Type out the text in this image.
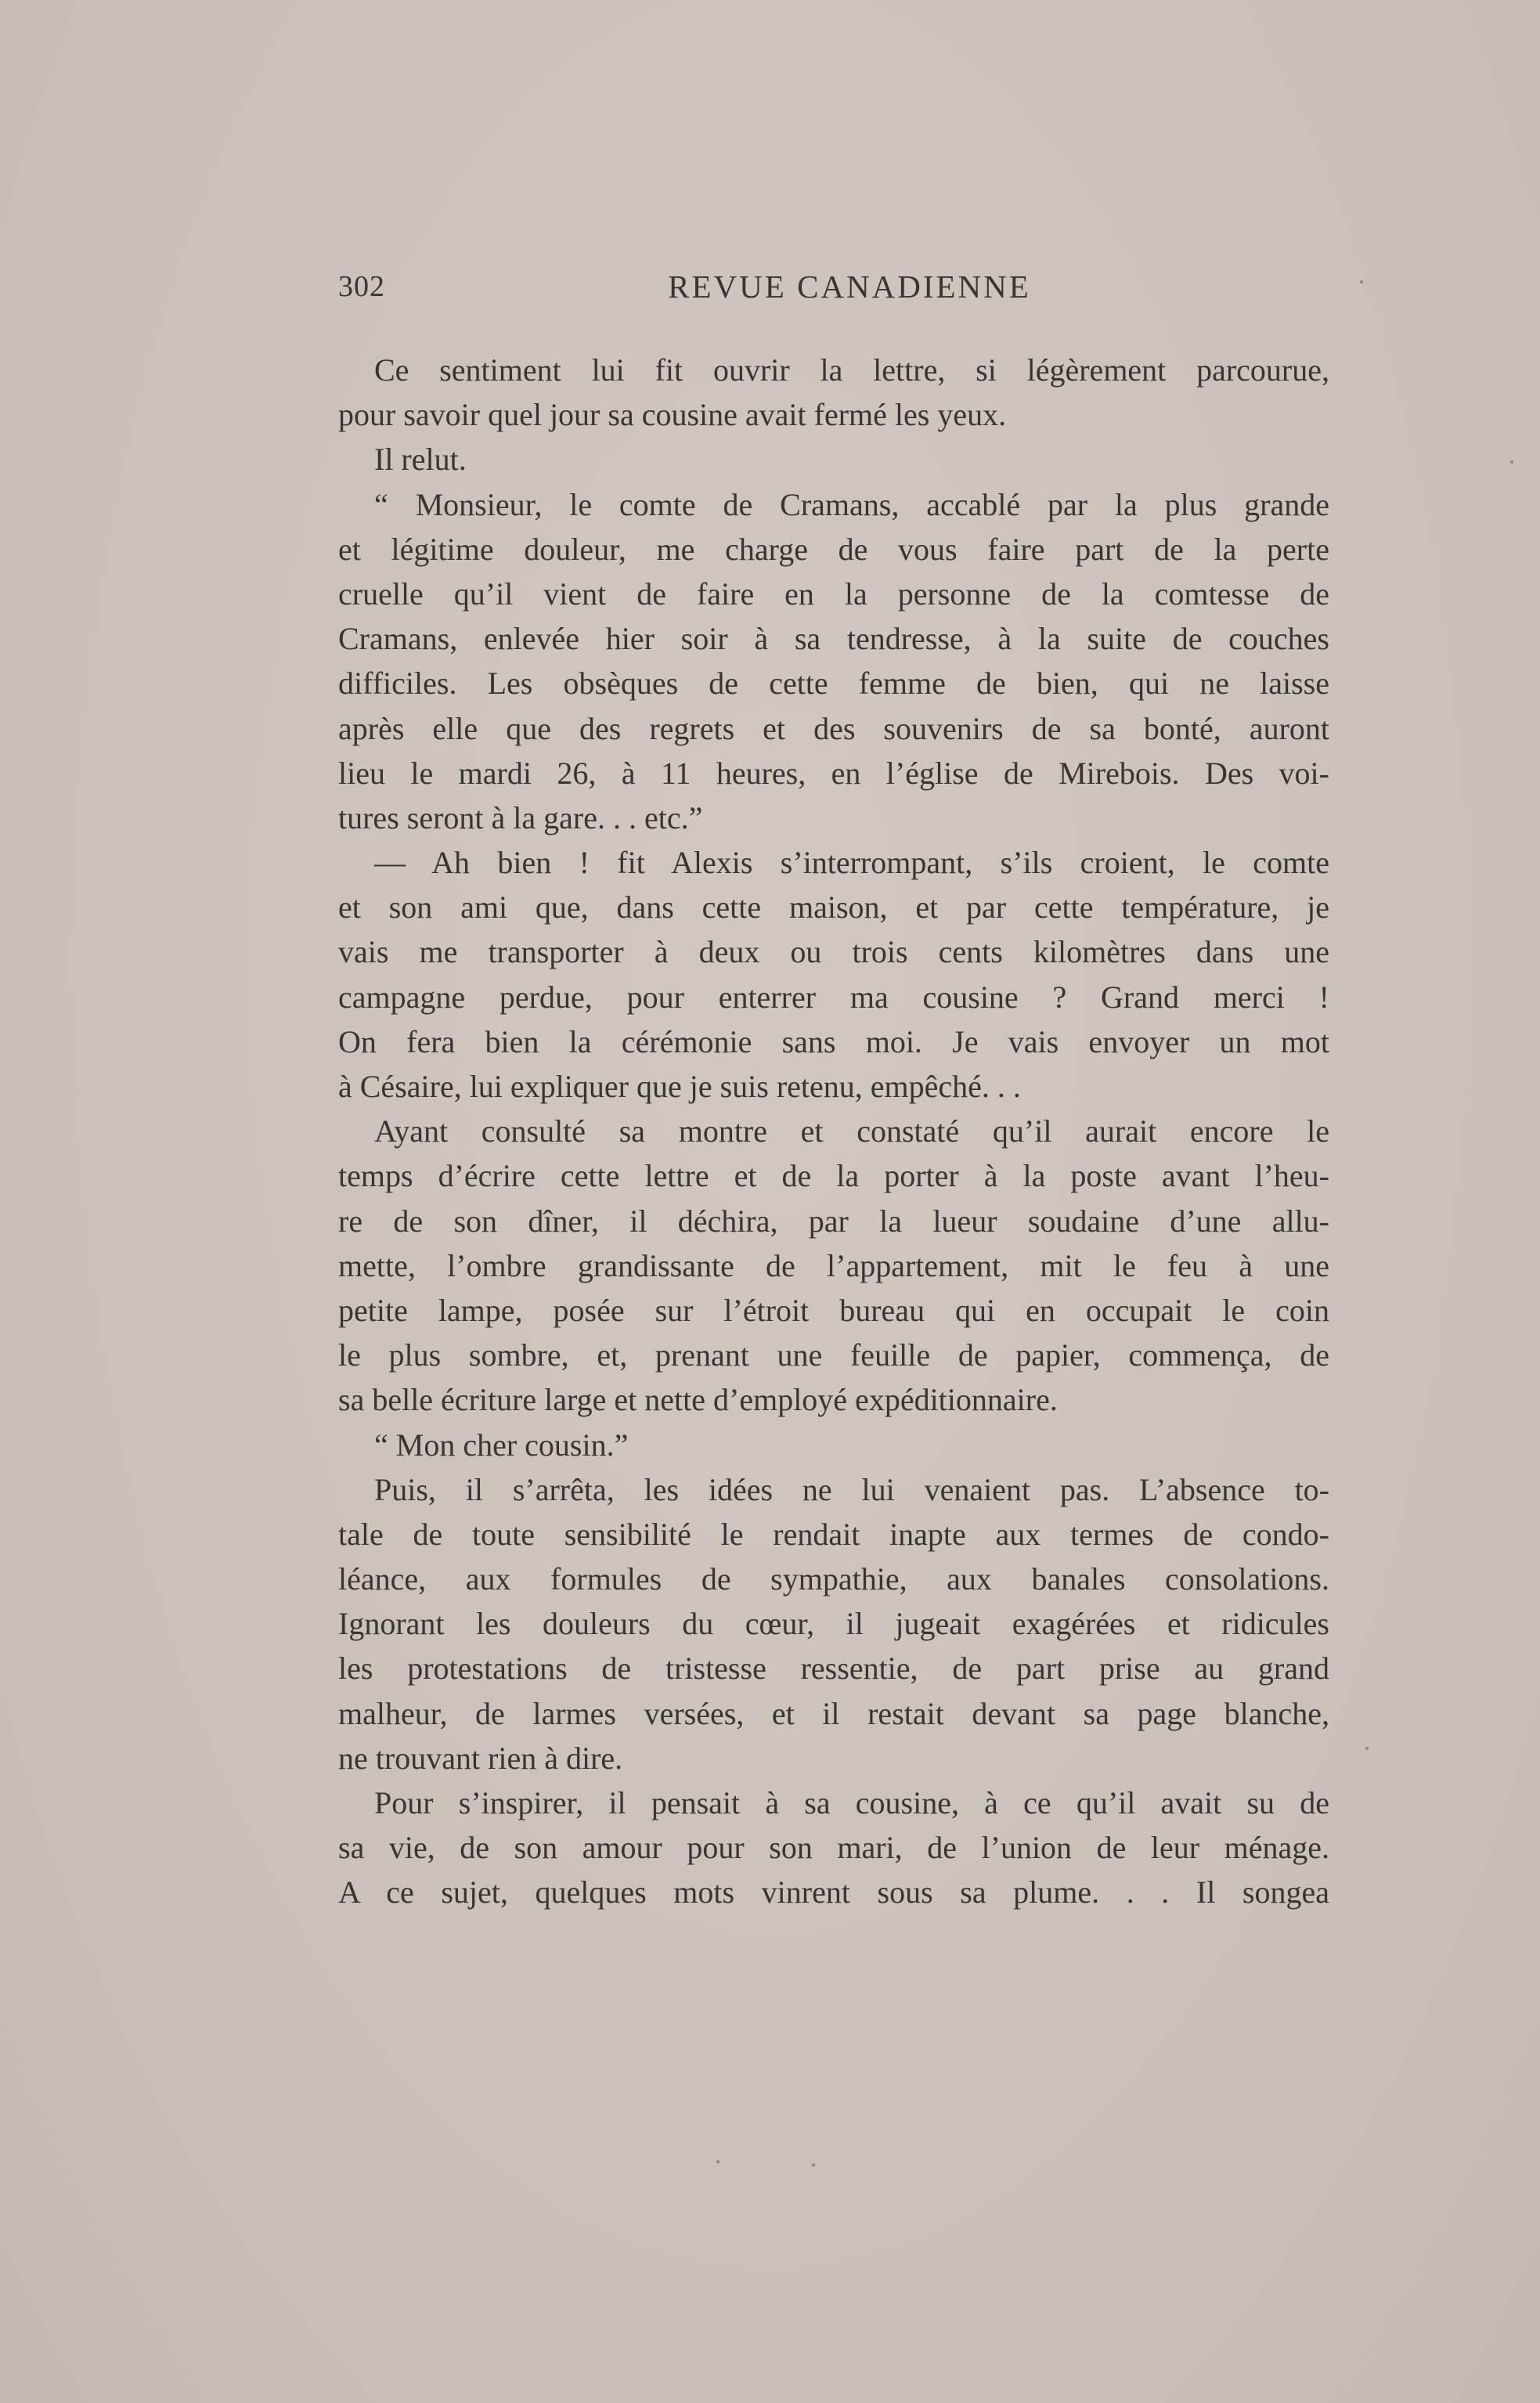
302	REVUE CANADIENNE
Ce sentiment lui fit ouvrir la lettre, si légèrement parcourue,
pour savoir quel jour sa cousine avait fermé les yeux.
Il relut.
“ Monsieur, le comte de Cramans, accablé par la plus grande
et légitime douleur, me charge de vous faire part de la perte
cruelle qu’il vient de faire en la personne de la comtesse de
Cramans, enlevée hier soir à sa tendresse, à la suite de couches
difficiles. Les obsèques de cette femme de bien, qui ne laisse
après elle que des regrets et des souvenirs de sa bonté, auront
lieu le mardi 26, à 11 heures, en l’église de Mirebois. Des voi-
tures seront à la gare. . . etc.”
— Ah bien ! fit Alexis s’interrompant, s’ils croient, le comte
et son ami que, dans cette maison, et par cette température, je
vais me transporter à deux ou trois cents kilomètres dans une
campagne perdue, pour enterrer ma cousine ? Grand merci !
On fera bien la cérémonie sans moi. Je vais envoyer un mot
à Césaire, lui expliquer que je suis retenu, empêché. . .
Ayant consulté sa montre et constaté qu’il aurait encore le
temps d’écrire cette lettre et de la porter à la poste avant l’heu-
re de son dîner, il déchira, par la lueur soudaine d’une allu-
mette, l’ombre grandissante de l’appartement, mit le feu à une
petite lampe, posée sur l’étroit bureau qui en occupait le coin
le plus sombre, et, prenant une feuille de papier, commença, de
sa belle écriture large et nette d’employé expéditionnaire.
“ Mon cher cousin.”
Puis, il s’arrêta, les idées ne lui venaient pas. L’absence to-
tale de toute sensibilité le rendait inapte aux termes de condo-
léance, aux formules de sympathie, aux banales consolations.
Ignorant les douleurs du cœur, il jugeait exagérées et ridicules
les protestations de tristesse ressentie, de part prise au grand
malheur, de larmes versées, et il restait devant sa page blanche,
ne trouvant rien à dire.
Pour s’inspirer, il pensait à sa cousine, à ce qu’il avait su de
sa vie, de son amour pour son mari, de l’union de leur ménage.
A ce sujet, quelques mots vinrent sous sa plume. . . Il songea
